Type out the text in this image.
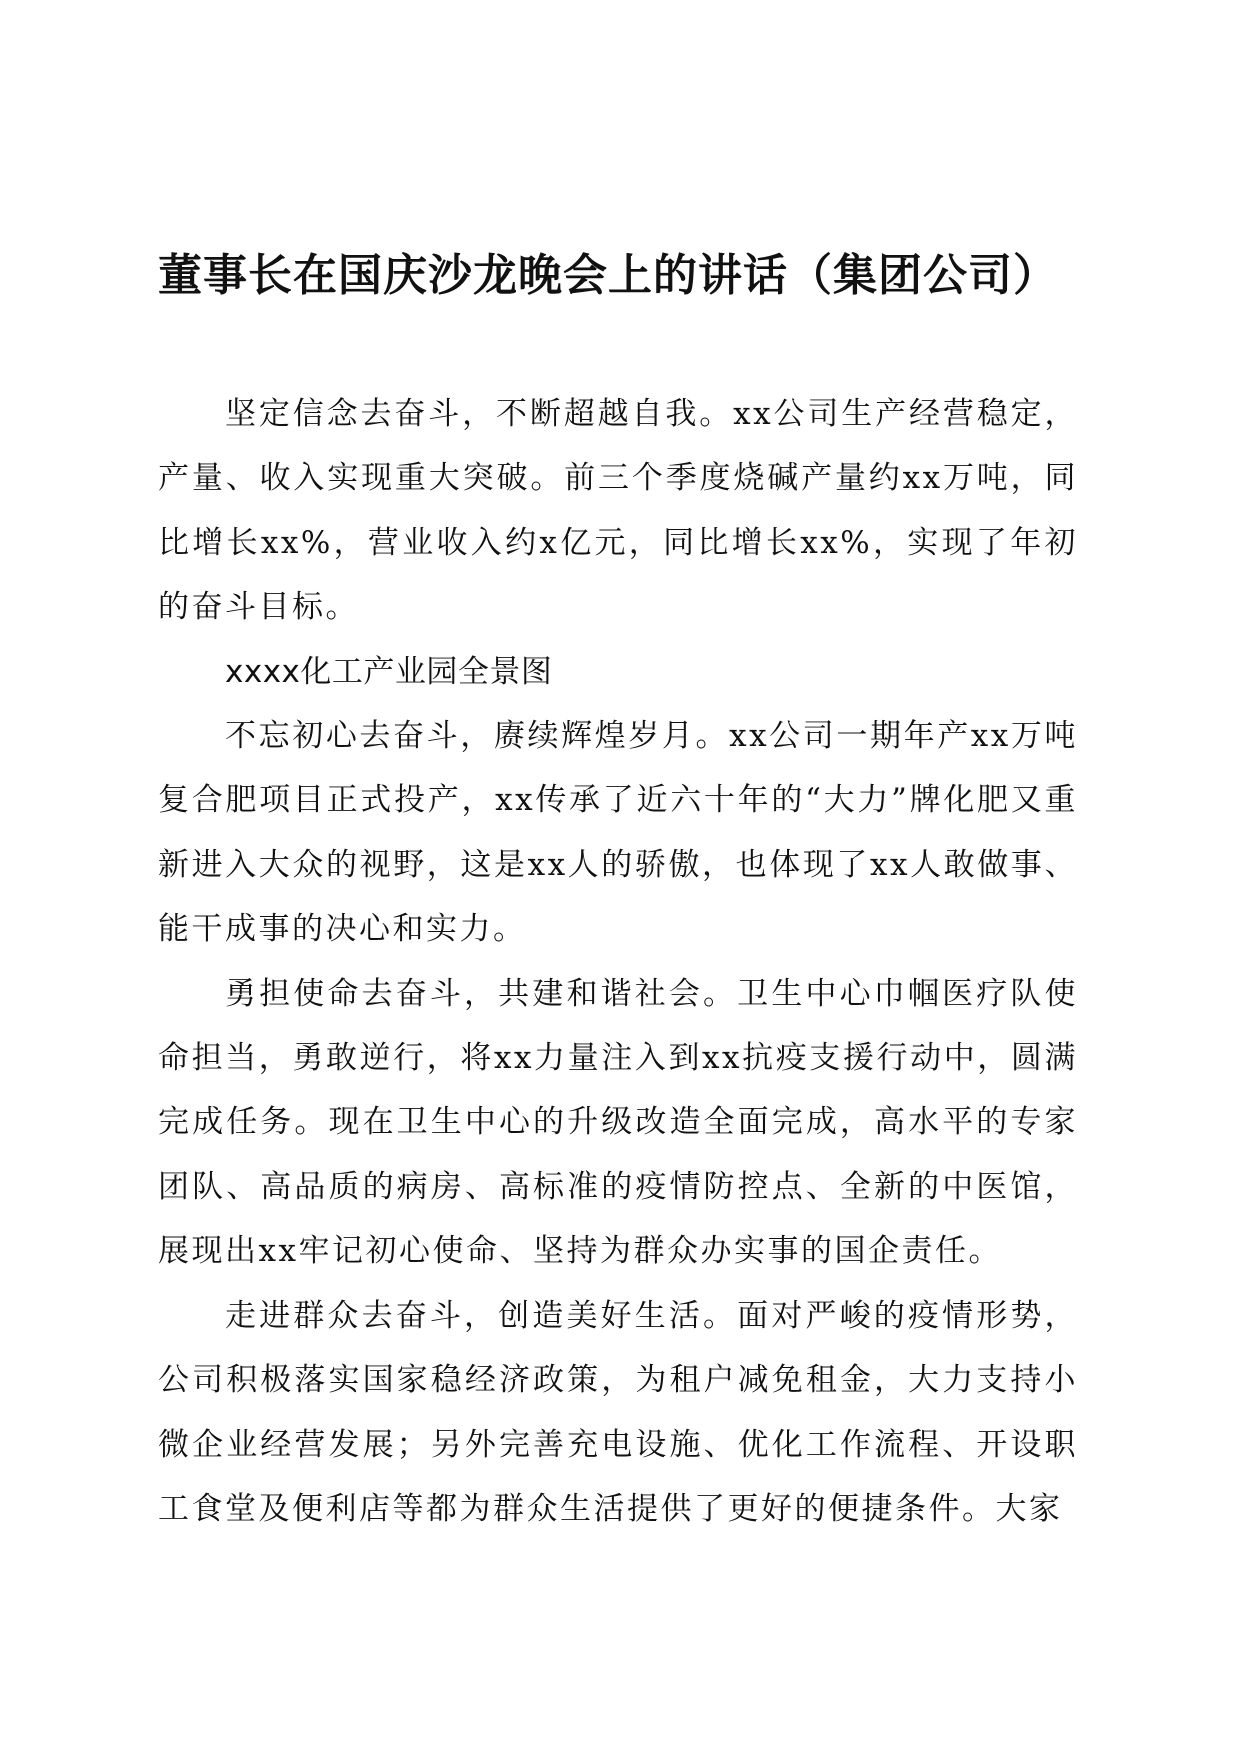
董事长在国庆沙龙晚会上的讲话（集团公司）

坚定信念去奋斗，不断超越自我。xx公司生产经营稳定，产量、收入实现重大突破。前三个季度烧碱产量约xx万吨，同比增长xx%，营业收入约x亿元，同比增长xx%，实现了年初的奋斗目标。

xxxx化工产业园全景图

不忘初心去奋斗，赓续辉煌岁月。xx公司一期年产xx万吨复合肥项目正式投产，xx传承了近六十年的“大力”牌化肥又重新进入大众的视野，这是xx人的骄傲，也体现了xx人敢做事、能干成事的决心和实力。

勇担使命去奋斗，共建和谐社会。卫生中心巾帼医疗队使命担当，勇敢逆行，将xx力量注入到xx抗疫支援行动中，圆满完成任务。现在卫生中心的升级改造全面完成，高水平的专家团队、高品质的病房、高标准的疫情防控点、全新的中医馆，展现出xx牢记初心使命、坚持为群众办实事的国企责任。

走进群众去奋斗，创造美好生活。面对严峻的疫情形势，公司积极落实国家稳经济政策，为租户减免租金，大力支持小微企业经营发展；另外完善充电设施、优化工作流程、开设职工食堂及便利店等都为群众生活提供了更好的便捷条件。大家
